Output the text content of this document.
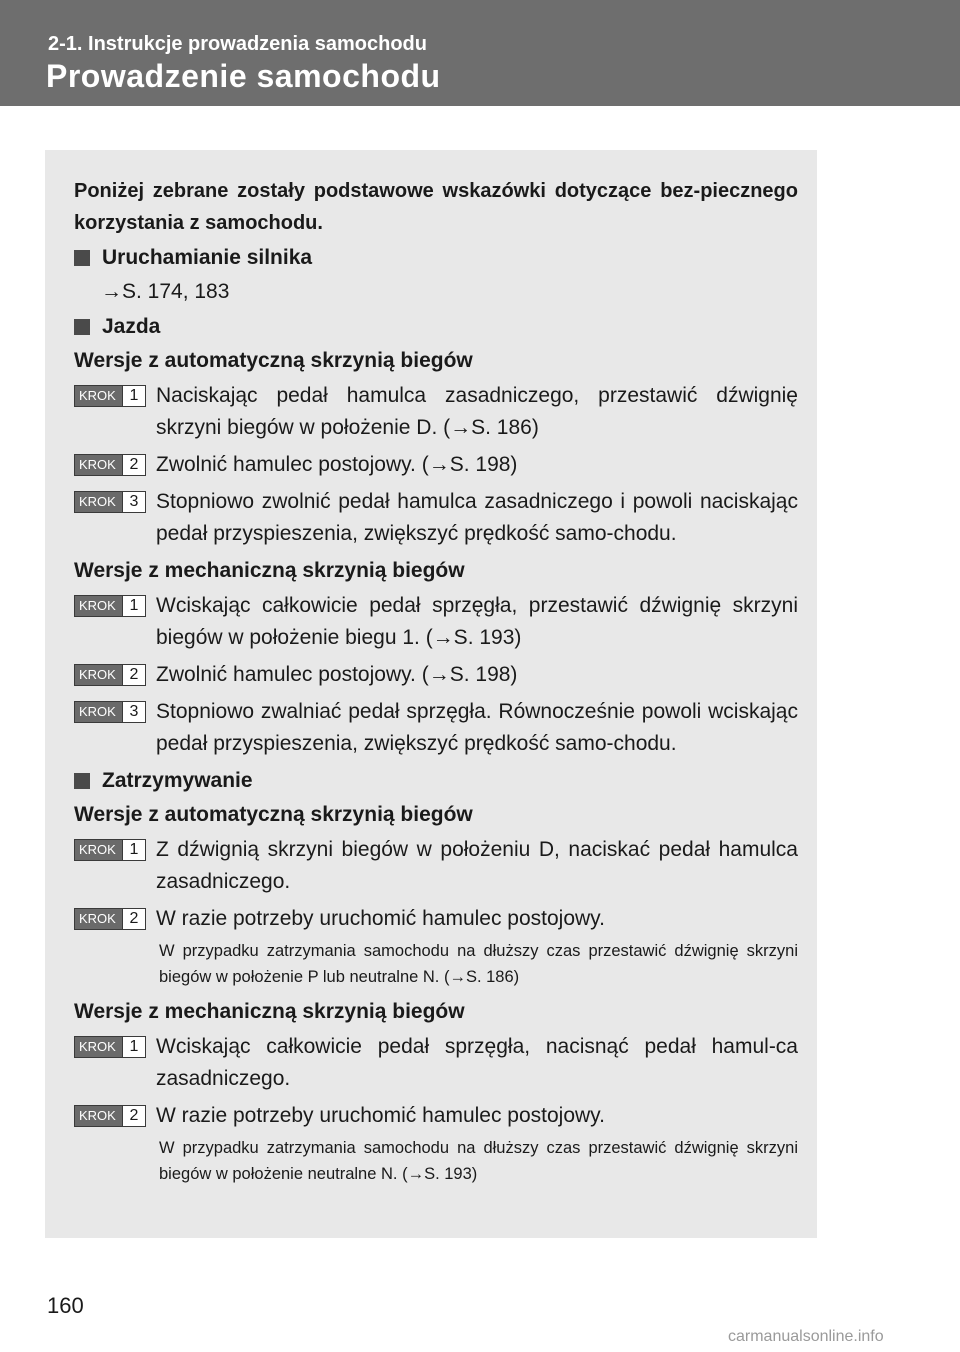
2-1. Instrukcje prowadzenia samochodu
Prowadzenie samochodu

Poniżej zebrane zostały podstawowe wskazówki dotyczące bez-piecznego korzystania z samochodu.

Uruchamianie silnika
→S. 174, 183
Jazda
Wersje z automatyczną skrzynią biegów
KROK 1 Naciskając pedał hamulca zasadniczego, przestawić dźwignię skrzyni biegów w położenie D. (→S. 186)
KROK 2 Zwolnić hamulec postojowy. (→S. 198)
KROK 3 Stopniowo zwolnić pedał hamulca zasadniczego i powoli naciskając pedał przyspieszenia, zwiększyć prędkość samo-chodu.
Wersje z mechaniczną skrzynią biegów
KROK 1 Wciskając całkowicie pedał sprzęgła, przestawić dźwignię skrzyni biegów w położenie biegu 1. (→S. 193)
KROK 2 Zwolnić hamulec postojowy. (→S. 198)
KROK 3 Stopniowo zwalniać pedał sprzęgła. Równocześnie powoli wciskając pedał przyspieszenia, zwiększyć prędkość samo-chodu.
Zatrzymywanie
Wersje z automatyczną skrzynią biegów
KROK 1 Z dźwignią skrzyni biegów w położeniu D, naciskać pedał hamulca zasadniczego.
KROK 2 W razie potrzeby uruchomić hamulec postojowy.
W przypadku zatrzymania samochodu na dłuższy czas przestawić dźwignię skrzyni biegów w położenie P lub neutralne N. (→S. 186)
Wersje z mechaniczną skrzynią biegów
KROK 1 Wciskając całkowicie pedał sprzęgła, nacisnąć pedał hamul-ca zasadniczego.
KROK 2 W razie potrzeby uruchomić hamulec postojowy.
W przypadku zatrzymania samochodu na dłuższy czas przestawić dźwignię skrzyni biegów w położenie neutralne N. (→S. 193)
160
carmanualsonline.info
